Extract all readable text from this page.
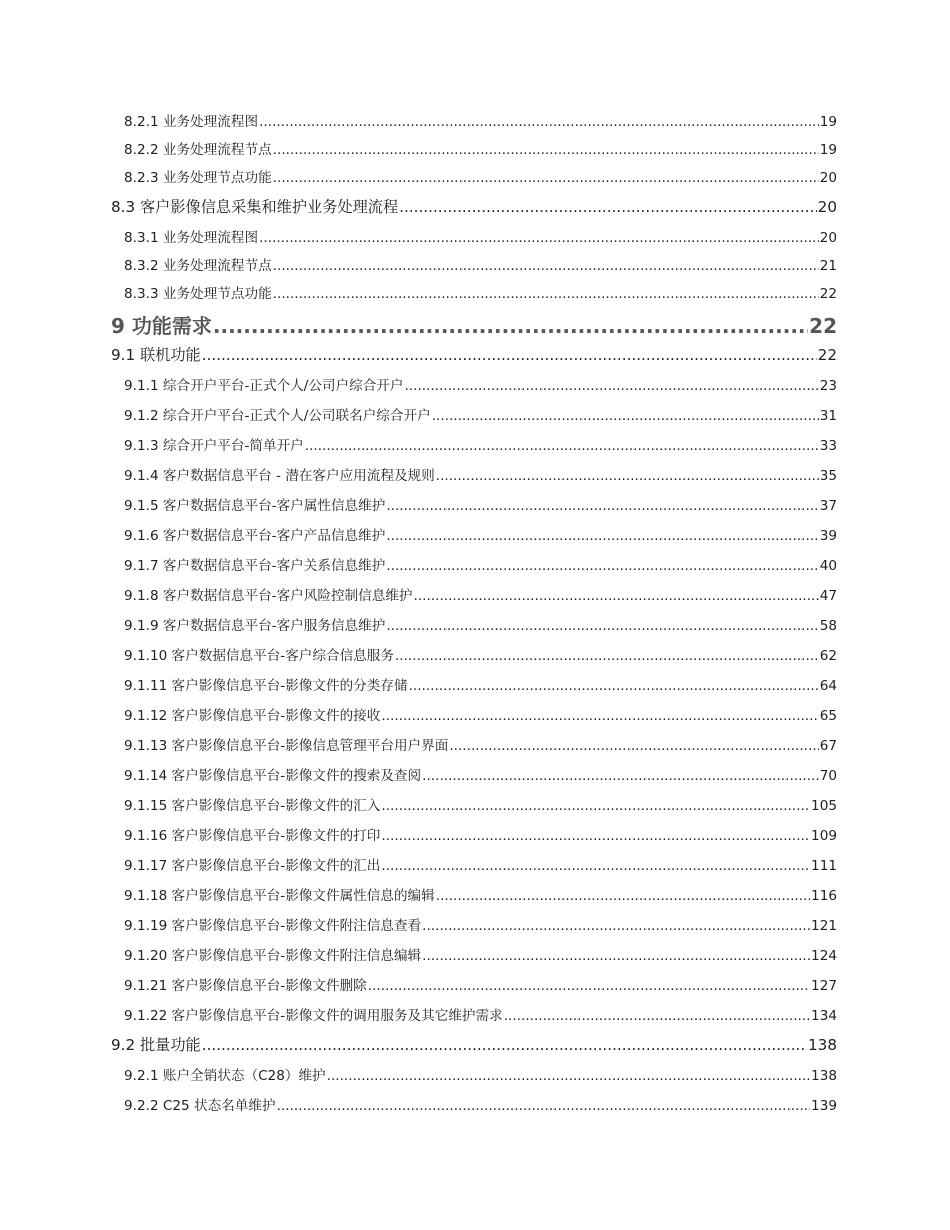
8.2.1 业务处理流程图 .....	19
8.2.2 业务处理流程节点 .....	19
8.2.3 业务处理节点功能 .....	20
8.3 客户影像信息采集和维护业务处理流程 .....	20
8.3.1 业务处理流程图 .....	20
8.3.2 业务处理流程节点 .....	21
8.3.3 业务处理节点功能 .....	22
9 功能需求 .....	22
9.1 联机功能 .....	22
9.1.1 综合开户平台-正式个人/公司户综合开户 .....	23
9.1.2 综合开户平台-正式个人/公司联名户综合开户 .....	31
9.1.3 综合开户平台-简单开户 .....	33
9.1.4 客户数据信息平台 - 潜在客户应用流程及规则 .....	35
9.1.5 客户数据信息平台-客户属性信息维护 .....	37
9.1.6 客户数据信息平台-客户产品信息维护 .....	39
9.1.7 客户数据信息平台-客户关系信息维护 .....	40
9.1.8 客户数据信息平台-客户风险控制信息维护 .....	47
9.1.9 客户数据信息平台-客户服务信息维护 .....	58
9.1.10 客户数据信息平台-客户综合信息服务 .....	62
9.1.11 客户影像信息平台-影像文件的分类存储 .....	64
9.1.12 客户影像信息平台-影像文件的接收 .....	65
9.1.13 客户影像信息平台-影像信息管理平台用户界面 .....	67
9.1.14 客户影像信息平台-影像文件的搜索及查阅 .....	70
9.1.15 客户影像信息平台-影像文件的汇入 .....	105
9.1.16 客户影像信息平台-影像文件的打印 .....	109
9.1.17 客户影像信息平台-影像文件的汇出 .....	111
9.1.18 客户影像信息平台-影像文件属性信息的编辑 .....	116
9.1.19 客户影像信息平台-影像文件附注信息查看 .....	121
9.1.20 客户影像信息平台-影像文件附注信息编辑 .....	124
9.1.21 客户影像信息平台-影像文件删除 .....	127
9.1.22 客户影像信息平台-影像文件的调用服务及其它维护需求 .....	134
9.2 批量功能 .....	138
9.2.1 账户全销状态（C28）维护 .....	138
9.2.2 C25 状态名单维护 .....	139
